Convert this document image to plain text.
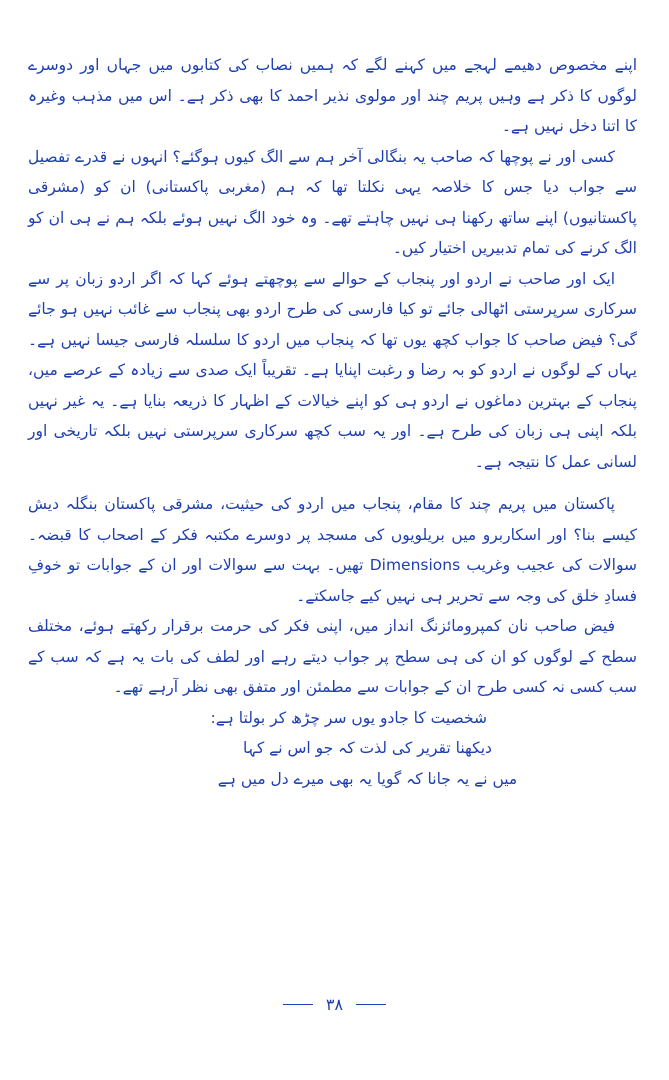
اپنے مخصوص دھیمے لہجے میں کہنے لگے کہ ہمیں نصاب کی کتابوں میں جہاں اور دوسرے لوگوں کا ذکر ہے وہیں پریم چند اور مولوی نذیر احمد کا بھی ذکر ہے۔ اس میں مذہب وغیرہ کا اتنا دخل نہیں ہے۔

کسی اور نے پوچھا کہ صاحب یہ بنگالی آخر ہم سے الگ کیوں ہوگئے؟ انہوں نے قدرے تفصیل سے جواب دیا جس کا خلاصہ یہی نکلتا تھا کہ ہم (مغربی پاکستانی) ان کو (مشرقی پاکستانیوں) اپنے ساتھ رکھنا ہی نہیں چاہتے تھے۔ وہ خود الگ نہیں ہوئے بلکہ ہم نے ہی ان کو الگ کرنے کی تمام تدبیریں اختیار کیں۔

ایک اور صاحب نے اردو اور پنجاب کے حوالے سے پوچھتے ہوئے کہا کہ اگر اردو زبان پر سے سرکاری سرپرستی اٹھالی جائے تو کیا فارسی کی طرح اردو بھی پنجاب سے غائب نہیں ہو جائے گی؟ فیض صاحب کا جواب کچھ یوں تھا کہ پنجاب میں اردو کا سلسلہ فارسی جیسا نہیں ہے۔ یہاں کے لوگوں نے اردو کو بہ رضا و رغبت اپنایا ہے۔ تقریباً ایک صدی سے زیادہ کے عرصے میں، پنجاب کے بہترین دماغوں نے اردو ہی کو اپنے خیالات کے اظہار کا ذریعہ بنایا ہے۔ یہ غیر نہیں بلکہ اپنی ہی زبان کی طرح ہے۔ اور یہ سب کچھ سرکاری سرپرستی نہیں بلکہ تاریخی اور لسانی عمل کا نتیجہ ہے۔

پاکستان میں پریم چند کا مقام، پنجاب میں اردو کی حیثیت، مشرقی پاکستان بنگلہ دیش کیسے بنا؟ اور اسکاربرو میں بریلویوں کی مسجد پر دوسرے مکتبہ فکر کے اصحاب کا قبضہ۔ سوالات کی عجیب وغریب Dimensions تھیں۔ بہت سے سوالات اور ان کے جوابات تو خوفِ فسادِ خلق کی وجہ سے تحریر ہی نہیں کیے جاسکتے۔

فیض صاحب نان کمپرومائزنگ انداز میں، اپنی فکر کی حرمت برقرار رکھتے ہوئے، مختلف سطح کے لوگوں کو ان کی ہی سطح پر جواب دیتے رہے اور لطف کی بات یہ ہے کہ سب کے سب کسی نہ کسی طرح ان کے جوابات سے مطمئن اور متفق بھی نظر آرہے تھے۔

شخصیت کا جادو یوں سر چڑھ کر بولتا ہے:

دیکھنا تقریر کی لذت کہ جو اس نے کہا

میں نے یہ جانا کہ گویا یہ بھی میرے دل میں ہے

۳۸
